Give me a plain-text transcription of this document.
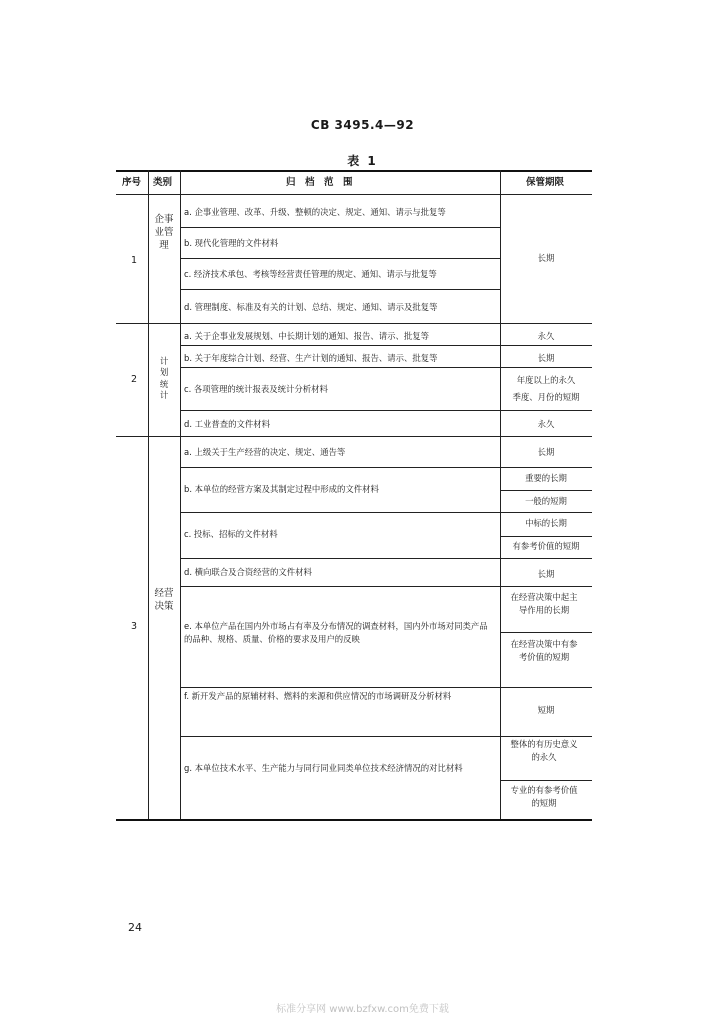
CB 3495.4—92
表 1
序号 类别	归　档　范　围	保管期限
1
企事业管理
a. 企事业管理、改革、升级、整顿的决定、规定、通知、请示与批复等
b. 现代化管理的文件材料
c. 经济技术承包、考核等经营责任管理的规定、通知、请示与批复等
d. 管理制度、标准及有关的计划、总结、规定、通知、请示及批复等
长期
2
计划统计
a. 关于企事业发展规划、中长期计划的通知、报告、请示、批复等
b. 关于年度综合计划、经营、生产计划的通知、报告、请示、批复等
c. 各项管理的统计报表及统计分析材料
d. 工业普查的文件材料
永久
长期
年度以上的永久
季度、月份的短期
永久
3
经营决策
a. 上级关于生产经营的决定、规定、通告等
b. 本单位的经营方案及其制定过程中形成的文件材料
c. 投标、招标的文件材料
d. 横向联合及合资经营的文件材料
e. 本单位产品在国内外市场占有率及分布情况的调查材料，国内外市场对同类产品的品种、规格、质量、价格的要求及用户的反映
f. 新开发产品的原辅材料、燃料的来源和供应情况的市场调研及分析材料
g. 本单位技术水平、生产能力与同行同业同类单位技术经济情况的对比材料
长期
重要的长期
一般的短期
中标的长期
有参考价值的短期
长期
在经营决策中起主导作用的长期
在经营决策中有参考价值的短期
短期
整体的有历史意义的永久
专业的有参考价值的短期
24
标准分享网 www.bzfxw.com免费下载
